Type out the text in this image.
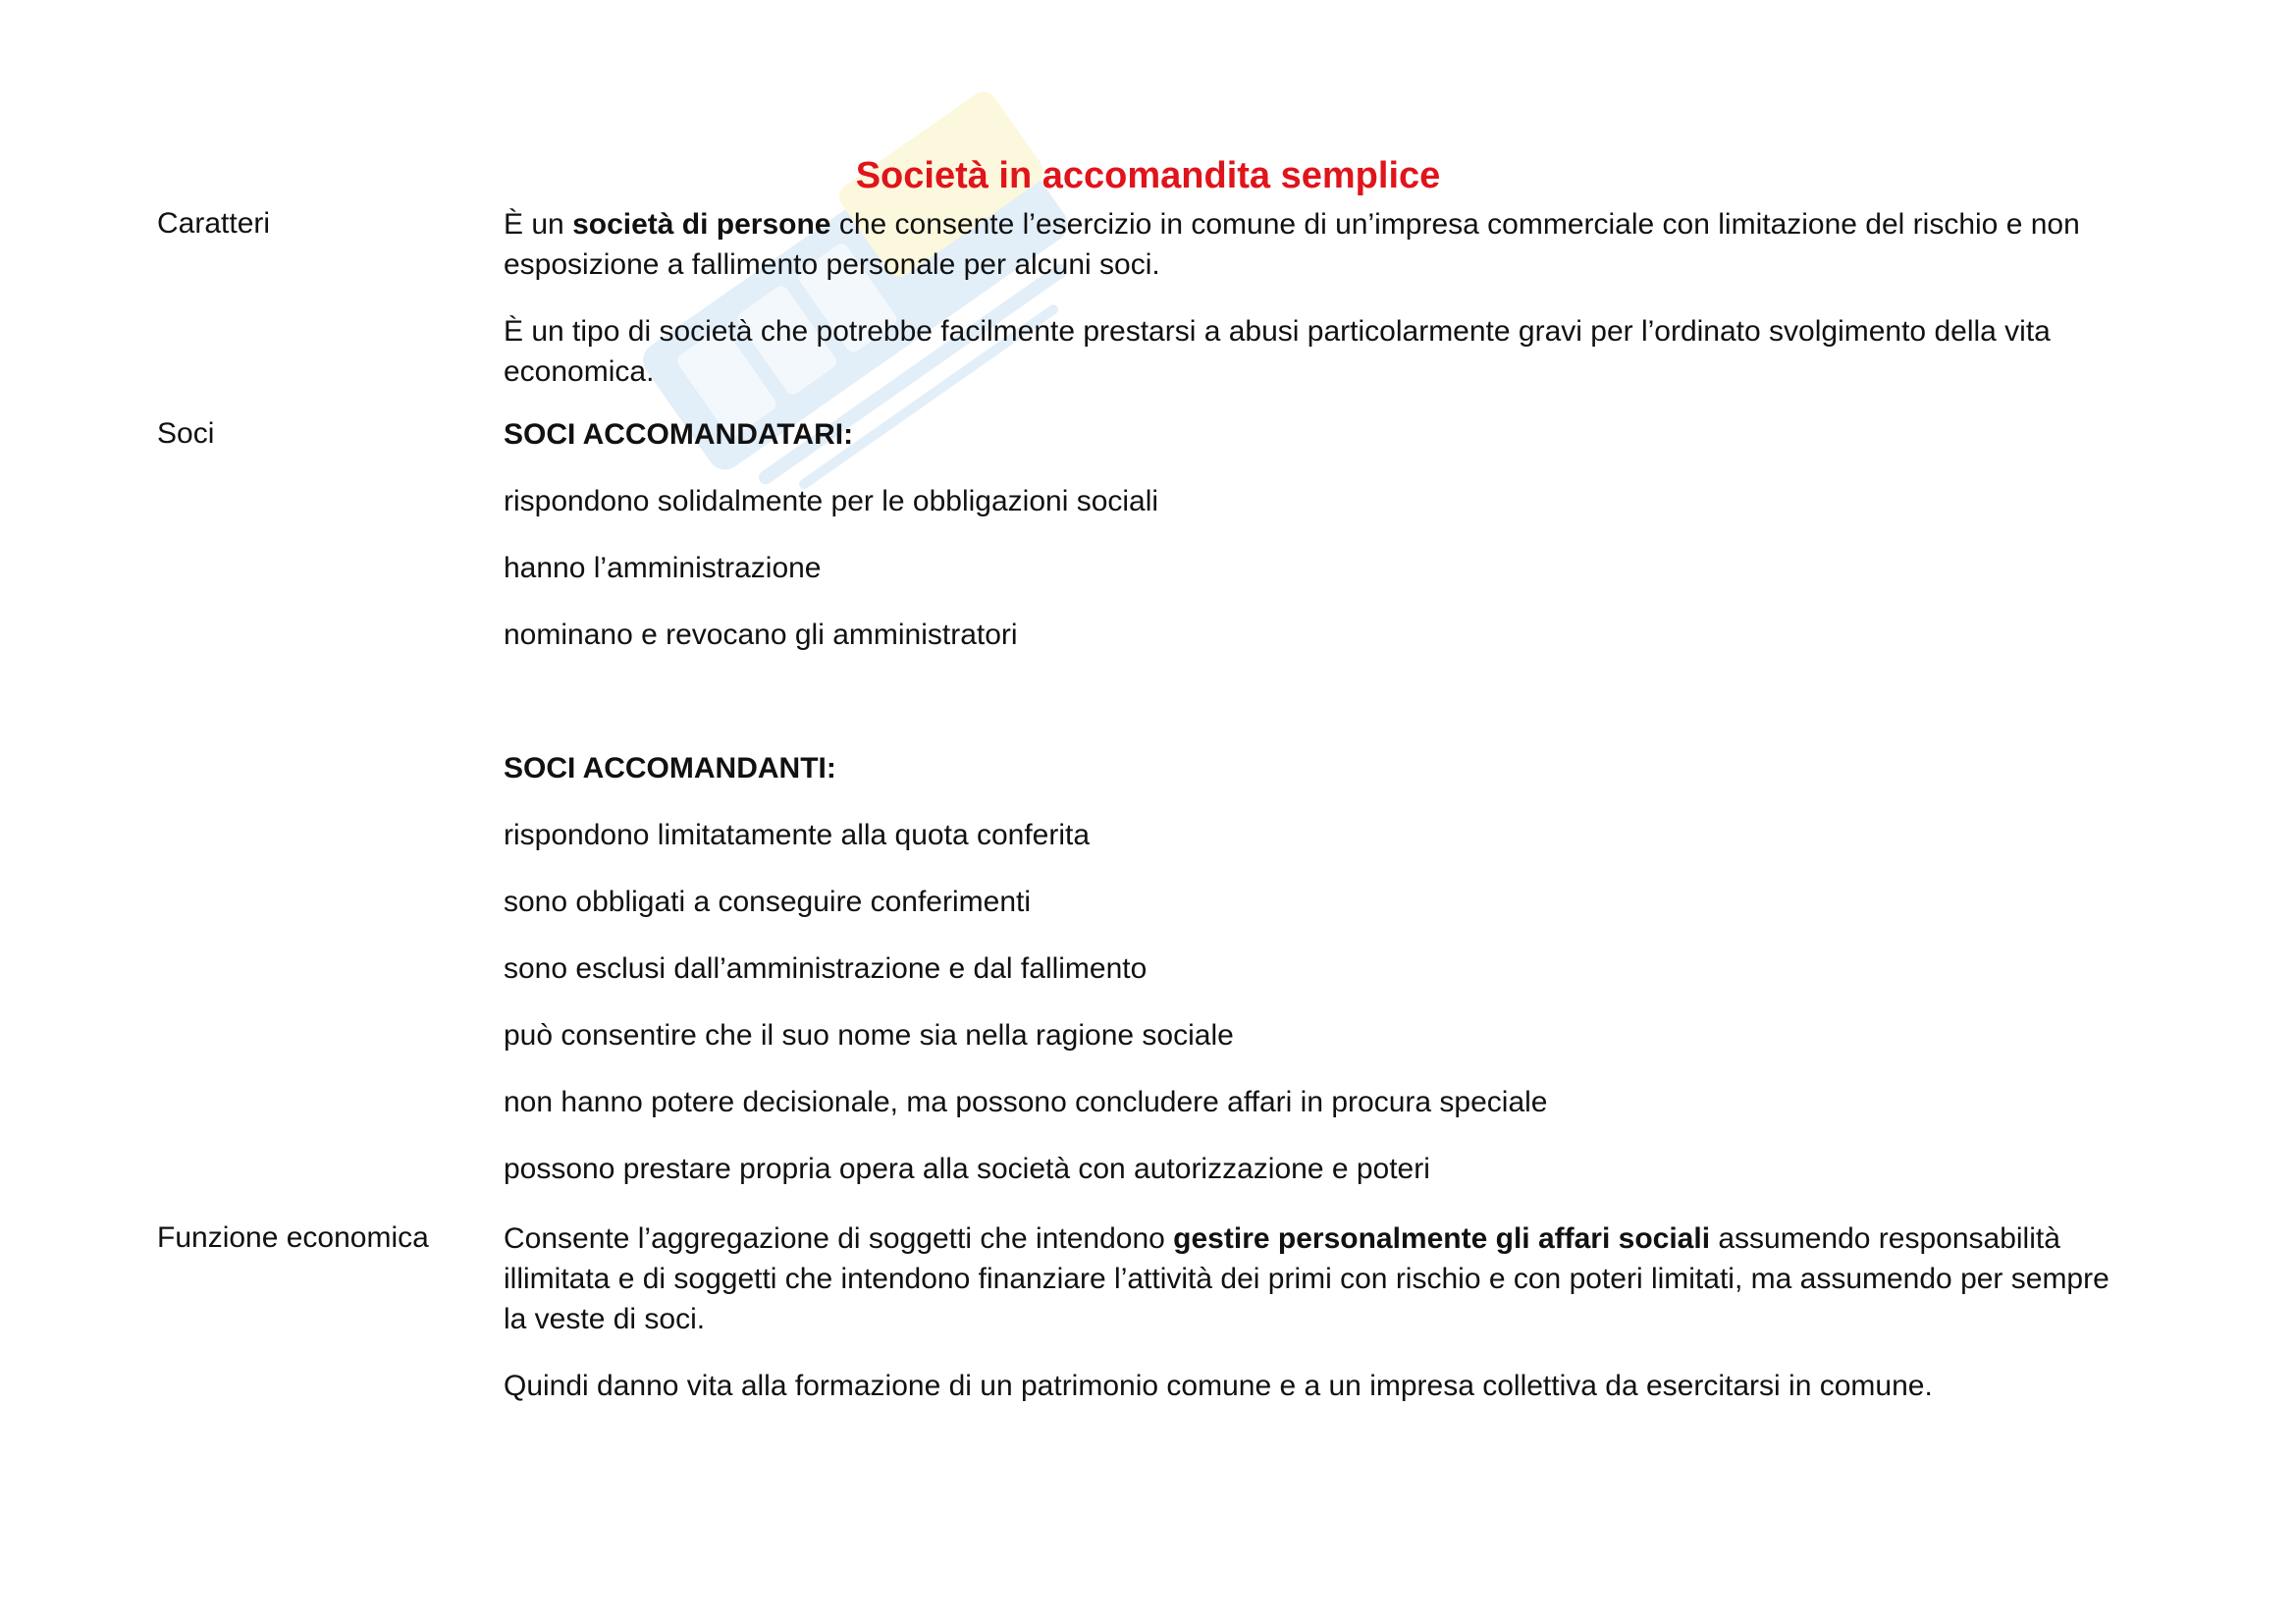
Società in accomandita semplice
Caratteri	È un società di persone che consente l’esercizio in comune di un’impresa commerciale con limitazione del rischio e non esposizione a fallimento personale per alcuni soci.

È un tipo di società che potrebbe facilmente prestarsi a abusi particolarmente gravi per l’ordinato svolgimento della vita economica.

Soci	SOCI ACCOMANDATARI:

rispondono solidalmente per le obbligazioni sociali

hanno l’amministrazione

nominano e revocano gli amministratori

SOCI ACCOMANDANTI:

rispondono limitatamente alla quota conferita

sono obbligati a conseguire conferimenti

sono esclusi dall’amministrazione e dal fallimento

può consentire che il suo nome sia nella ragione sociale

non hanno potere decisionale, ma possono concludere affari in procura speciale

possono prestare propria opera alla società con autorizzazione e poteri

Funzione economica	Consente l’aggregazione di soggetti che intendono gestire personalmente gli affari sociali assumendo responsabilità illimitata e di soggetti che intendono finanziare l’attività dei primi con rischio e con poteri limitati, ma assumendo per sempre la veste di soci.

Quindi danno vita alla formazione di un patrimonio comune e a un impresa collettiva da esercitarsi in comune.
